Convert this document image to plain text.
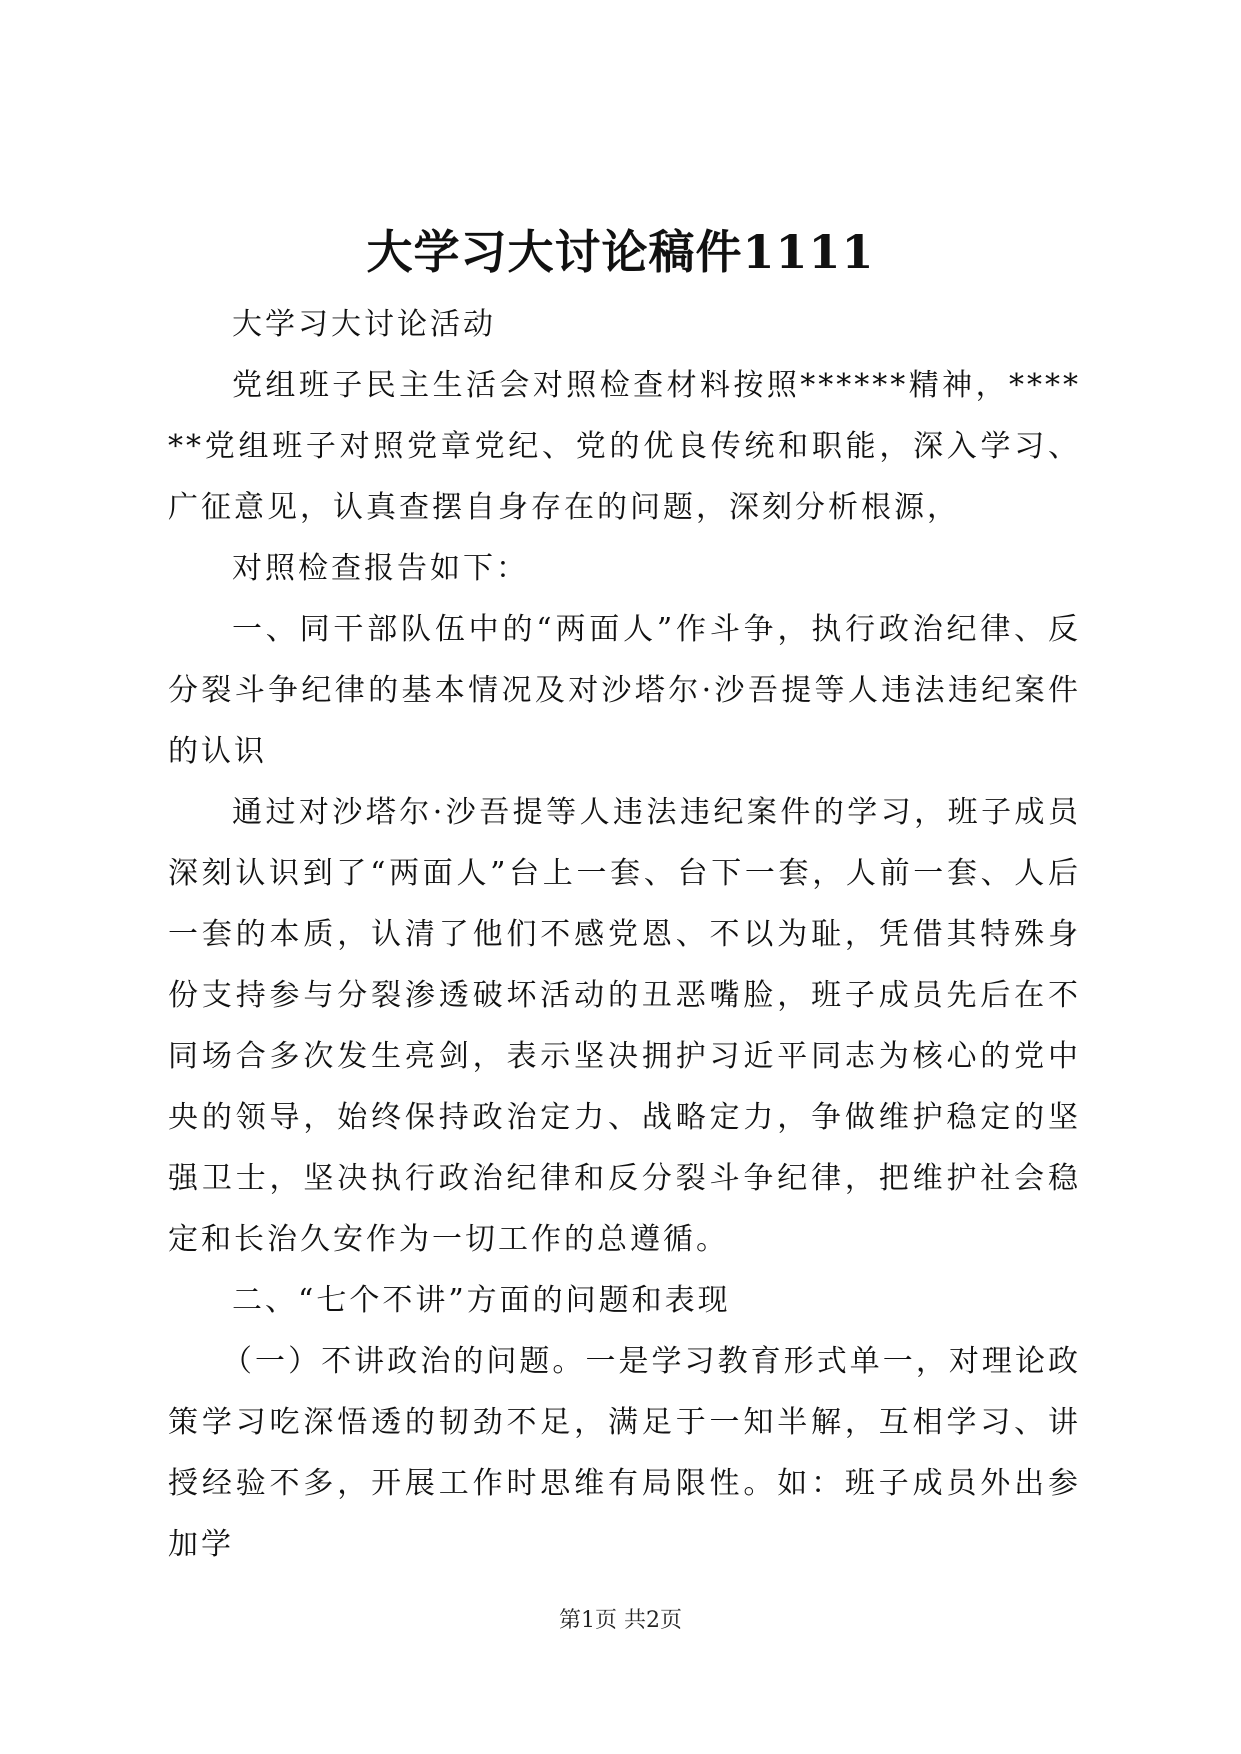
大学习大讨论稿件1111

大学习大讨论活动

党组班子民主生活会对照检查材料按照******精神，******党组班子对照党章党纪、党的优良传统和职能，深入学习、广征意见，认真查摆自身存在的问题，深刻分析根源，

对照检查报告如下：

一、同干部队伍中的“两面人”作斗争，执行政治纪律、反分裂斗争纪律的基本情况及对沙塔尔·沙吾提等人违法违纪案件的认识

通过对沙塔尔·沙吾提等人违法违纪案件的学习，班子成员深刻认识到了“两面人”台上一套、台下一套，人前一套、人后一套的本质，认清了他们不感党恩、不以为耻，凭借其特殊身份支持参与分裂渗透破坏活动的丑恶嘴脸，班子成员先后在不同场合多次发生亮剑，表示坚决拥护习近平同志为核心的党中央的领导，始终保持政治定力、战略定力，争做维护稳定的坚强卫士，坚决执行政治纪律和反分裂斗争纪律，把维护社会稳定和长治久安作为一切工作的总遵循。

二、“七个不讲”方面的问题和表现

（一）不讲政治的问题。一是学习教育形式单一，对理论政策学习吃深悟透的韧劲不足，满足于一知半解，互相学习、讲授经验不多，开展工作时思维有局限性。如：班子成员外出参加学

第1页 共2页
